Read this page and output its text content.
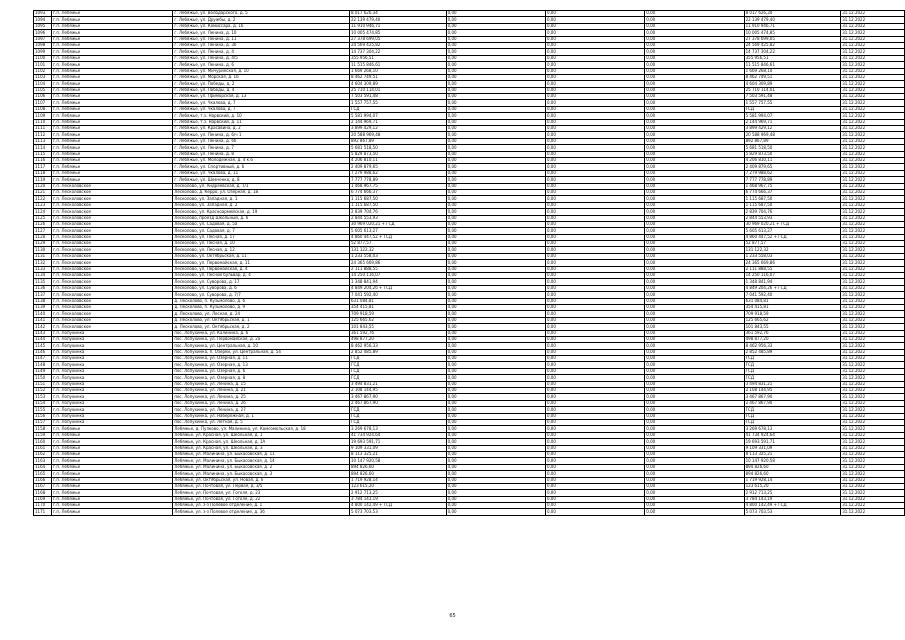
1093	г.п. Лебяжье	г. Лебяжье, ул. Володарского, д. 5	8 017 626,34	0,00	0,00	0,00	8 017 626,34	31.12.2022
1094	г.п. Лебяжье	г. Лебяжье, ул. Дружбы, д. 2	22 139 479,40	0,00	0,00	0,00	22 139 479,40	31.12.2022
1095	г.п. Лебяжье	г. Лебяжье, ул. Комиссара, д. 16	11 910 946,71	0,00	0,00	0,00	11 910 946,71	31.12.2022
1096	г.п. Лебяжье	г. Лебяжье, ул. Ленина, д. 10	10 005 474,85	0,00	0,00	0,00	10 005 474,85	31.12.2022
1097	г.п. Лебяжье	г. Лебяжье, ул. Ленина, д. 11	27 378 699,05	0,00	0,00	0,00	27 378 699,05	31.12.2022
1098	г.п. Лебяжье	г. Лебяжье, ул. Ленина, д. 30	24 569 425,82	0,00	0,00	0,00	24 569 425,82	31.12.2022
1099	г.п. Лебяжье	г. Лебяжье, ул. Ленина, д. 4	14 737 304,22	0,00	0,00	0,00	14 737 304,22	31.12.2022
1100	г.п. Лебяжье	г. Лебяжье, ул. Ленина, д. 4/5	355 956,51	0,00	0,00	0,00	355 956,51	31.12.2022
1101	г.п. Лебяжье	г. Лебяжье, ул. Ленина, д. 6	11 515 846,61	0,00	0,00	0,00	11 515 846,61	31.12.2022
1102	г.п. Лебяжье	г. Лебяжье, ул. Мичуринская, д. 10	1 669 268,10	0,00	0,00	0,00	1 669 268,10	31.12.2022
1103	г.п. Лебяжье	г. Лебяжье, ул. Морская, д. 16	8 462 749,51	0,00	0,00	0,00	8 462 749,51	31.12.2022
1104	г.п. Лебяжье	г. Лебяжье, ул. Победы, д. 2	4 604 309,89	0,00	0,00	0,00	4 604 309,89	31.12.2022
1105	г.п. Лебяжье	г. Лебяжье, ул. Победы, д. 4	25 710 114,01	0,00	0,00	0,00	25 710 114,01	31.12.2022
1106	г.п. Лебяжье	г. Лебяжье, ул. Приморская, д. 13	7 503 591,48	0,00	0,00	0,00	7 503 591,48	31.12.2022
1107	г.п. Лебяжье	г. Лебяжье, ул. Чкалова, д. 7	1 557 757,55	0,00	0,00	0,00	1 557 757,55	31.12.2022
1108	г.п. Лебяжье	г. Лебяжье, ул. Чкалова, д. 7	ГСД	0,00	0,00	0,00	ГСД	31.12.2022
1109	г.п. Лебяжье	г. Лебяжье, т.з. Нарвский, д. 10	5 581 994,07	0,00	0,00	0,00	5 581 994,07	31.12.2022
1110	г.п. Лебяжье	г. Лебяжье, т.з. Нарвский, д. 11	2 144 969,71	0,00	0,00	0,00	2 144 969,71	31.12.2022
1111	г.п. Лебяжье	г. Лебяжье, ул. Красавина, д. 2	3 899 429,12	0,00	0,00	0,00	3 899 429,12	31.12.2022
1112	г.п. Лебяжье	г. Лебяжье, ул. Ленина, д. 6/ч 1	20 588 969,48	0,00	0,00	0,00	20 588 969,48	31.12.2022
1113	г.п. Лебяжье	г. Лебяжье, ул. Ленина, д. 6б	892 867,89	0,00	0,00	0,00	892 867,89	31.12.2022
1114	г.п. Лебяжье	г. Лебяжье, ул. Ленина, д. 7	5 681 518,50	0,00	0,00	0,00	5 681 518,50	31.12.2022
1115	г.п. Лебяжье	г. Лебяжье, ул. Ленина, д. 8	5 829 873,50	0,00	0,00	0,00	5 829 873,50	31.12.2022
1116	г.п. Лебяжье	г. Лебяжье, ул. Молодежная, д. 4 к.6	4 206 810,11	0,00	0,00	0,00	4 206 810,11	31.12.2022
1117	г.п. Лебяжье	г. Лебяжье, ул. Спортивный, д. 6	2 409 879,65	0,00	0,00	0,00	2 409 879,65	31.12.2022
1118	г.п. Лебяжье	г. Лебяжье, ул. Чкалова, д. 11	7 279 988,62	0,00	0,00	0,00	7 279 988,62	31.12.2022
1119	г.п. Лебяжье	г. Лебяжье, ул. Шевченко, д. 8	7 777 778,89	0,00	0,00	0,00	7 777 778,89	31.12.2022
1120	г.п. Лесколовское	Лесколово, ул. Андреевская, д. 7/1	1 468 967,75	0,00	0,00	0,00	1 468 967,75	31.12.2022
1121	г.п. Лесколовское	Лесколово, д. Керро, ул. Озерная, д. 18	6 774 666,37	0,00	0,00	0,00	6 774 666,37	31.12.2022
1122	г.п. Лесколовское	Лесколово, ул. Западная, д. 1	1 115 687,50	0,00	0,00	0,00	1 115 687,50	31.12.2022
1123	г.п. Лесколовское	Лесколово, ул. Западная, д. 2	1 115 687,50	0,00	0,00	0,00	1 115 687,50	31.12.2022
1124	г.п. Лесколовское	Лесколово, ул. Красноармейская, д. 19	2 839 704,76	0,00	0,00	0,00	2 839 704,76	31.12.2022
1125	г.п. Лесколовское	Лесколово, проезд Школьный, д. 6	2 844 553,93	0,00	0,00	0,00	2 844 553,93	31.12.2022
1126	г.п. Лесколовское	Лесколово, ул. Садовая, д. 5а	30 969 020,21 + ГСД	0,00	0,00	0,00	30 969 020,21 + ГСД	31.12.2022
1127	г.п. Лесколовское	Лесколово, ул. Садовая, д. 7	5 605 613,27	0,00	0,00	0,00	5 605 613,27	31.12.2022
1128	г.п. Лесколовское	Лесколово, ул. Лесная, д. 17	4 860 447,52 + ГСД	0,00	0,00	0,00	4 860 447,52 + ГСД	31.12.2022
1129	г.п. Лесколовское	Лесколово, ул. Лесная, д. 10	52 877,57	0,00	0,00	0,00	52 877,57	31.12.2022
1130	г.п. Лесколовское	Лесколово, ул. Лесная, д. 12	131 122,32	0,00	0,00	0,00	131 122,32	31.12.2022
1131	г.п. Лесколовское	Лесколово, ул. Октябрьская, д. 11	1 233 558,03	0,00	0,00	0,00	1 233 558,03	31.12.2022
1132	г.п. Лесколовское	Лесколово, ул. Первомайская, д. 11	24 365 669,86	0,00	0,00	0,00	24 365 669,86	31.12.2022
1133	г.п. Лесколовское	Лесколово, ул. Первомайская, д. 4	2 111 888,55	0,00	0,00	0,00	2 111 888,55	31.12.2022
1134	г.п. Лесколовское	Лесколово, ул. Лесной бульвар, д. 4	14 250 116,07	0,00	0,00	0,00	14 250 116,07	31.12.2022
1135	г.п. Лесколовское	Лесколово, ул. Суворова, д. 17	1 348 841,94	0,00	0,00	0,00	1 348 841,94	31.12.2022
1136	г.п. Лесколовское	Лесколово, ул. Суворова, д. 6	4 849 204,26 + ГСД	0,00	0,00	0,00	4 849 204,26 + ГСД	31.12.2022
1137	г.п. Лесколовское	Лесколово, ул. Суворова, д. 7/7	7 041 592,40	0,00	0,00	0,00	7 041 592,40	31.12.2022
1138	г.п. Лесколовское	д. Лесколово, п. Кузьмолово, д. 6	631 084,81	0,00	0,00	0,00	631 084,81	31.12.2022
1139	г.п. Лесколовское	д. Лесколово, п. Кузьмолово, д. 9	354 415,81	0,00	0,00	0,00	354 415,81	31.12.2022
1140	г.п. Лесколовское	д. Лесколово, ул. Лесная, д. 24	709 918,59	0,00	0,00	0,00	709 918,59	31.12.2022
1141	г.п. Лесколовское	д. Лесколово, ул. Октябрьская, д. 1	125 665,62	0,00	0,00	0,00	125 665,62	31.12.2022
1142	г.п. Лесколовское	д. Лесколово, ул. Октябрьская, д. 2	101 843,55	0,00	0,00	0,00	101 843,55	31.12.2022
1143	г.п. Лопухинка	пос. Лопухинка, ул. Калинина, д. 6	361 592,76	0,00	0,00	0,00	361 592,76	31.12.2022
1144	г.п. Лопухинка	пос. Лопухинка, ул. Первомайская, д. 2а	498 877,20	0,00	0,00	0,00	498 877,20	31.12.2022
1145	г.п. Лопухинка	пос. Лопухинка, ул. Центральная, д. 10	8 462 956,33	0,00	0,00	0,00	8 462 956,33	31.12.2022
1146	г.п. Лопухинка	пос. Лопухинка, п. Озерки, ул. Центральная, д. 54	2 852 485,89	0,00	0,00	0,00	2 852 485,89	31.12.2022
1147	г.п. Лопухинка	пос. Лопухинка, ул. Озерная, д. 11	ГСД	0,00	0,00	0,00	ГСД	31.12.2022
1148	г.п. Лопухинка	пос. Лопухинка, ул. Озерная, д. 13	ГСД	0,00	0,00	0,00	ГСД	31.12.2022
1149	г.п. Лопухинка	пос. Лопухинка, ул. Озерная, д. 6	ГСД	0,00	0,00	0,00	ГСД	31.12.2022
1150	г.п. Лопухинка	пос. Лопухинка, ул. Озерная, д. 8	ГСД	0,00	0,00	0,00	ГСД	31.12.2022
1151	г.п. Лопухинка	пос. Лопухинка, ул. Ленина, д. 15	3 494 831,21	0,00	0,00	0,00	3 494 831,21	31.12.2022
1152	г.п. Лопухинка	пос. Лопухинка, ул. Ленина, д. 21	2 108 144,95	0,00	0,00	0,00	2 108 144,95	31.12.2022
1153	г.п. Лопухинка	пос. Лопухинка, ул. Ленина, д. 25	3 467 867,90	0,00	0,00	0,00	3 467 867,90	31.12.2022
1154	г.п. Лопухинка	пос. Лопухинка, ул. Ленина, д. 26	2 467 867,90	0,00	0,00	0,00	2 467 867,90	31.12.2022
1155	г.п. Лопухинка	пос. Лопухинка, ул. Ленина, д. 27	ГСД	0,00	0,00	0,00	ГСД	31.12.2022
1156	г.п. Лопухинка	пос. Лопухинка, ул. Набережная, д. 1	ГСД	0,00	0,00	0,00	ГСД	31.12.2022
1157	г.п. Лопухинка	пос. Лопухинка, ул. Летная, д. 5	ГСД	0,00	0,00	0,00	ГСД	31.12.2022
1158	г.п. Лебяжье	Лебяжье, д. Пулково, ул. Малинина, ул. Комсомольская, д. 18	3 269 678,13	0,00	0,00	0,00	3 269 678,13	31.12.2022
1159	г.п. Лебяжье	Лебяжье, ул. Красная, ул. Школьная, д. 1	41 734 924,64	0,00	0,00	0,00	41 734 924,64	31.12.2022
1160	г.п. Лебяжье	Лебяжье, ул. Красная, ул. Школьная, д. 1А	19 693 591,71	0,00	0,00	0,00	19 693 591,71	31.12.2022
1161	г.п. Лебяжье	Лебяжье, ул. Красная, ул. Школьная, д. 3	9 109 331,09	0,00	0,00	0,00	9 109 331,09	31.12.2022
1162	г.п. Лебяжье	Лебяжье, ул. Малинина, ул. Быкасовская, д. 11	8 113 325,21	0,00	0,00	0,00	8 113 325,21	31.12.2022
1163	г.п. Лебяжье	Лебяжье, ул. Малинина, ул. Быкасовская, д. 14	10 147 920,58	0,00	0,00	0,00	10 147 920,58	31.12.2022
1164	г.п. Лебяжье	Лебяжье, ул. Малинина, ул. Быкасовская, д. 2	894 826,60	0,00	0,00	0,00	894 826,60	31.12.2022
1165	г.п. Лебяжье	Лебяжье, ул. Малинина, ул. Быкасовская, д. 3	894 826,60	0,00	0,00	0,00	894 826,60	31.12.2022
1166	г.п. Лебяжье	Лебяжье, ул. Октябрьская, ул. Новая, д. 6	1 719 928,14	0,00	0,00	0,00	1 719 928,14	31.12.2022
1167	г.п. Лебяжье	Лебяжье, ул. Почтовая, ул. Первая, д. 3/5	123 615,20	0,00	0,00	0,00	123 615,20	31.12.2022
1168	г.п. Лебяжье	Лебяжье, ул. Почтовая, ул. Гоголя, д. 23	2 912 713,25	0,00	0,00	0,00	2 912 713,25	31.12.2022
1169	г.п. Лебяжье	Лебяжье, ул. Почтовая, ул. Гоголя, д. 22	3 784 143,19	0,00	0,00	0,00	3 784 143,19	31.12.2022
1170	г.п. Лебяжье	Лебяжье, ул. з-з Полевое отделение, д. 1	4 800 142,49 + ГСД	0,00	0,00	0,00	4 800 142,49 + ГСД	31.12.2022
1171	г.п. Лебяжье	Лебяжье, ул. з-з Полевое отделение, д. 36	5 073 703,53	0,00	0,00	0,00	5 073 703,53	31.12.2022
65
